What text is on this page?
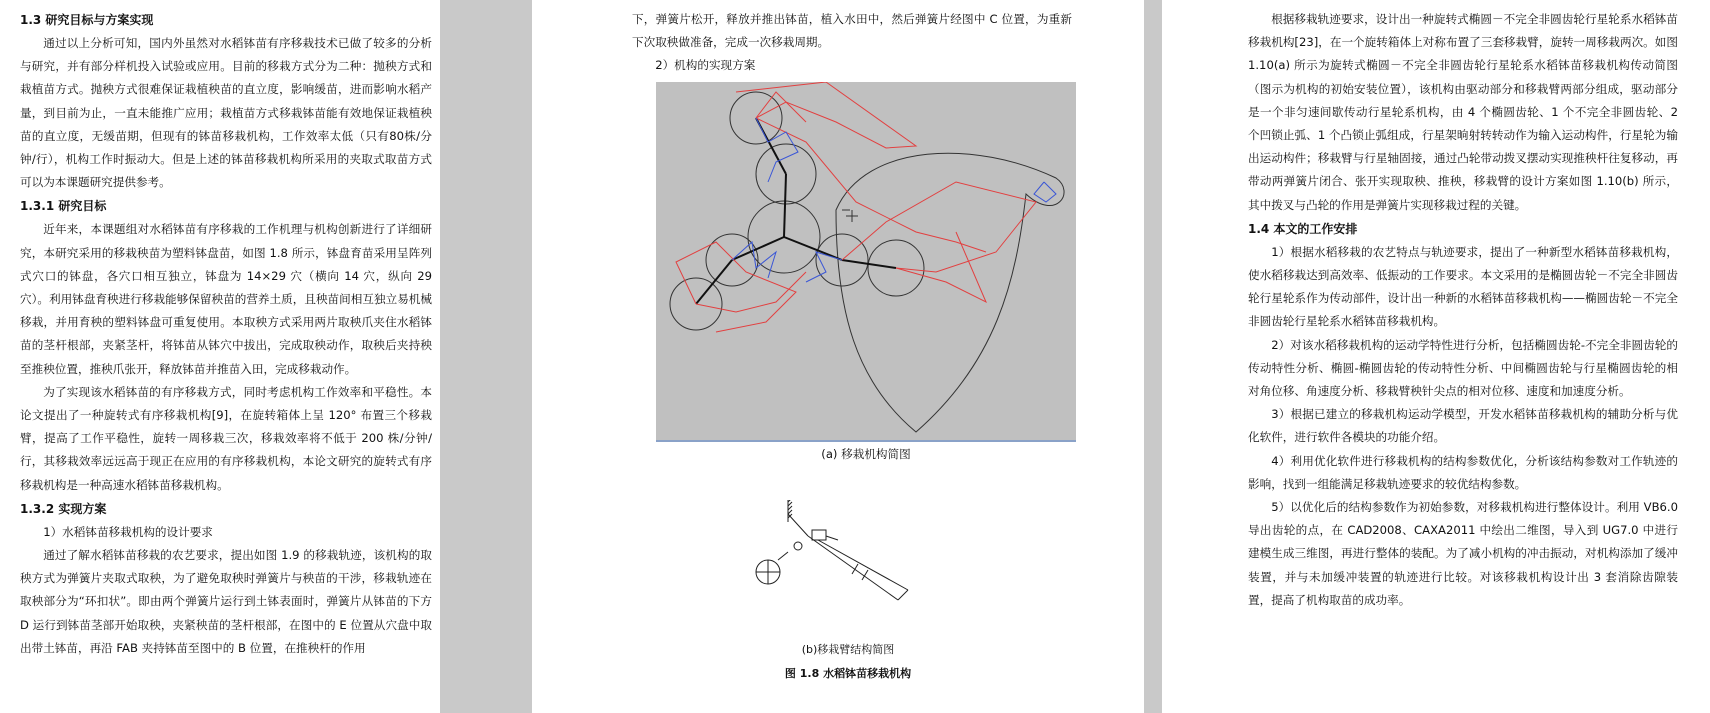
1.3 研究目标与方案实现

通过以上分析可知，国内外虽然对水稻钵苗有序移栽技术已做了较多的分析与研究，并有部分样机投入试验或应用。目前的移栽方式分为二种：抛秧方式和栽植苗方式。抛秧方式很难保证栽植秧苗的直立度，影响缓苗，进而影响水稻产量，到目前为止，一直未能推广应用；栽植苗方式移栽钵苗能有效地保证栽植秧苗的直立度，无缓苗期，但现有的钵苗移栽机构，工作效率太低（只有80株/分钟/行），机构工作时振动大。但是上述的钵苗移栽机构所采用的夹取式取苗方式可以为本课题研究提供参考。

1.3.1 研究目标

近年来，本课题组对水稻钵苗有序移栽的工作机理与机构创新进行了详细研究，本研究采用的移栽秧苗为塑料钵盘苗，如图 1.8 所示，钵盘育苗采用呈阵列式穴口的钵盘，各穴口相互独立，钵盘为 14×29 穴（横向 14 穴，纵向 29 穴）。利用钵盘育秧进行移栽能够保留秧苗的营养土质，且秧苗间相互独立易机械移栽，并用育秧的塑料钵盘可重复使用。本取秧方式采用两片取秧爪夹住水稻钵苗的茎杆根部，夹紧茎杆，将钵苗从钵穴中拔出，完成取秧动作，取秧后夹持秧至推秧位置，推秧爪张开，释放钵苗并推苗入田，完成移栽动作。

为了实现该水稻钵苗的有序移栽方式，同时考虑机构工作效率和平稳性。本论文提出了一种旋转式有序移栽机构[9]，在旋转箱体上呈 120° 布置三个移栽臂，提高了工作平稳性，旋转一周移栽三次，移栽效率将不低于 200 株/分钟/行，其移栽效率远远高于现正在应用的有序移栽机构，本论文研究的旋转式有序移栽机构是一种高速水稻钵苗移栽机构。

1.3.2 实现方案

1）水稻钵苗移栽机构的设计要求

通过了解水稻钵苗移栽的农艺要求，提出如图 1.9 的移栽轨迹，该机构的取秧方式为弹簧片夹取式取秧，为了避免取秧时弹簧片与秧苗的干涉，移栽轨迹在取秧部分为“环扣状”。即由两个弹簧片运行到土钵表面时，弹簧片从钵苗的下方 D 运行到钵苗茎部开始取秧，夹紧秧苗的茎杆根部，在图中的 E 位置从穴盘中取出带土钵苗，再沿 FAB 夹持钵苗至图中的 B 位置，在推秧杆的作用

下，弹簧片松开，释放并推出钵苗，植入水田中，然后弹簧片经图中 C 位置，为重新下次取秧做准备，完成一次移栽周期。

2）机构的实现方案

(a) 移栽机构简图
(b)移栽臂结构简图
图 1.8 水稻钵苗移栽机构

根据移栽轨迹要求，设计出一种旋转式椭圆－不完全非圆齿轮行星轮系水稻钵苗移栽机构[23]，在一个旋转箱体上对称布置了三套移栽臂，旋转一周移栽两次。如图 1.10(a) 所示为旋转式椭圆－不完全非圆齿轮行星轮系水稻钵苗移栽机构传动简图（图示为机构的初始安装位置），该机构由驱动部分和移栽臂两部分组成，驱动部分是一个非匀速间歇传动行星轮系机构，由 4 个椭圆齿轮、1 个不完全非圆齿轮、2 个凹锁止弧、1 个凸锁止弧组成，行星架晌射转转动作为输入运动构件，行星轮为输出运动构件；移栽臂与行星轴固接，通过凸轮带动拨叉摆动实现推秧杆往复移动，再带动两弹簧片闭合、张开实现取秧、推秧，移栽臂的设计方案如图 1.10(b) 所示，其中拨叉与凸轮的作用是弹簧片实现移栽过程的关键。

1.4 本文的工作安排

1）根据水稻移栽的农艺特点与轨迹要求，提出了一种新型水稻钵苗移栽机构，使水稻移栽达到高效率、低振动的工作要求。本文采用的是椭圆齿轮－不完全非圆齿轮行星轮系作为传动部件，设计出一种新的水稻钵苗移栽机构——椭圆齿轮－不完全非圆齿轮行星轮系水稻钵苗移栽机构。

2）对该水稻移栽机构的运动学特性进行分析，包括椭圆齿轮-不完全非圆齿轮的传动特性分析、椭圆-椭圆齿轮的传动特性分析、中间椭圆齿轮与行星椭圆齿轮的相对角位移、角速度分析、移栽臂秧针尖点的相对位移、速度和加速度分析。

3）根据已建立的移栽机构运动学模型，开发水稻钵苗移栽机构的辅助分析与优化软件，进行软件各模块的功能介绍。

4）利用优化软件进行移栽机构的结构参数优化，分析该结构参数对工作轨迹的影响，找到一组能满足移栽轨迹要求的较优结构参数。

5）以优化后的结构参数作为初始参数，对移栽机构进行整体设计。利用 VB6.0 导出齿轮的点，在 CAD2008、CAXA2011 中绘出二维图，导入到 UG7.0 中进行建模生成三维图，再进行整体的装配。为了减小机构的冲击振动，对机构添加了缓冲装置，并与未加缓冲装置的轨迹进行比较。对该移栽机构设计出 3 套消除齿隙装置，提高了机构取苗的成功率。
